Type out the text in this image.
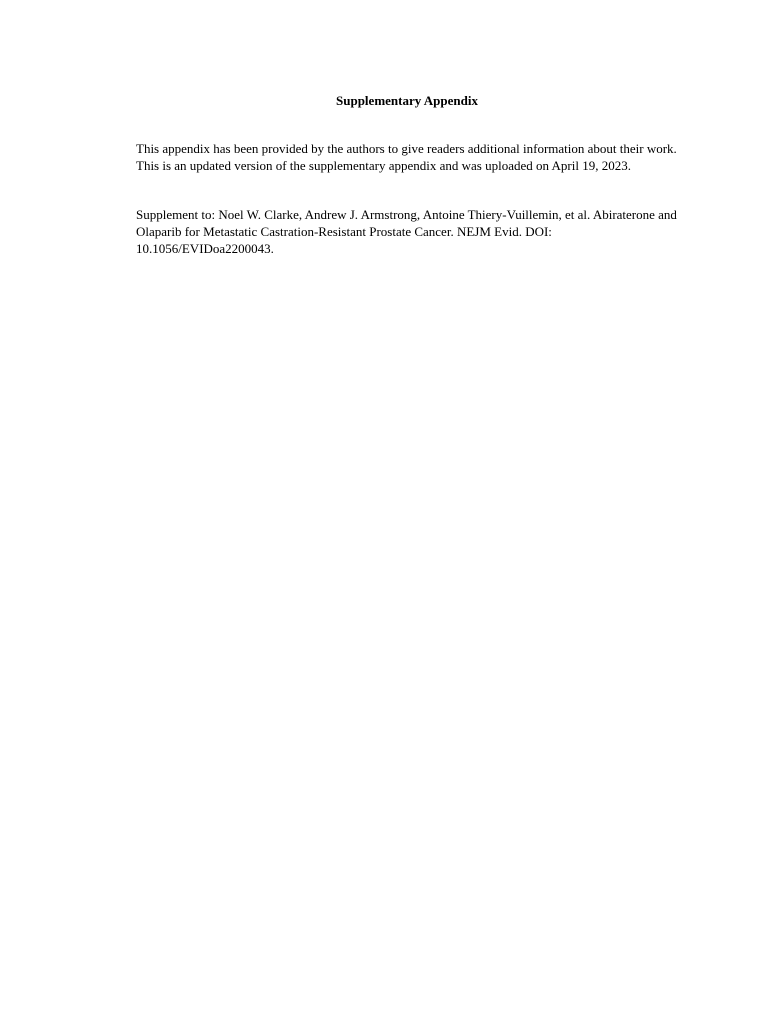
Supplementary Appendix

This appendix has been provided by the authors to give readers additional information about their work. This is an updated version of the supplementary appendix and was uploaded on April 19, 2023.

Supplement to: Noel W. Clarke, Andrew J. Armstrong, Antoine Thiery-Vuillemin, et al. Abiraterone and Olaparib for Metastatic Castration-Resistant Prostate Cancer. NEJM Evid. DOI: 10.1056/EVIDoa2200043.
